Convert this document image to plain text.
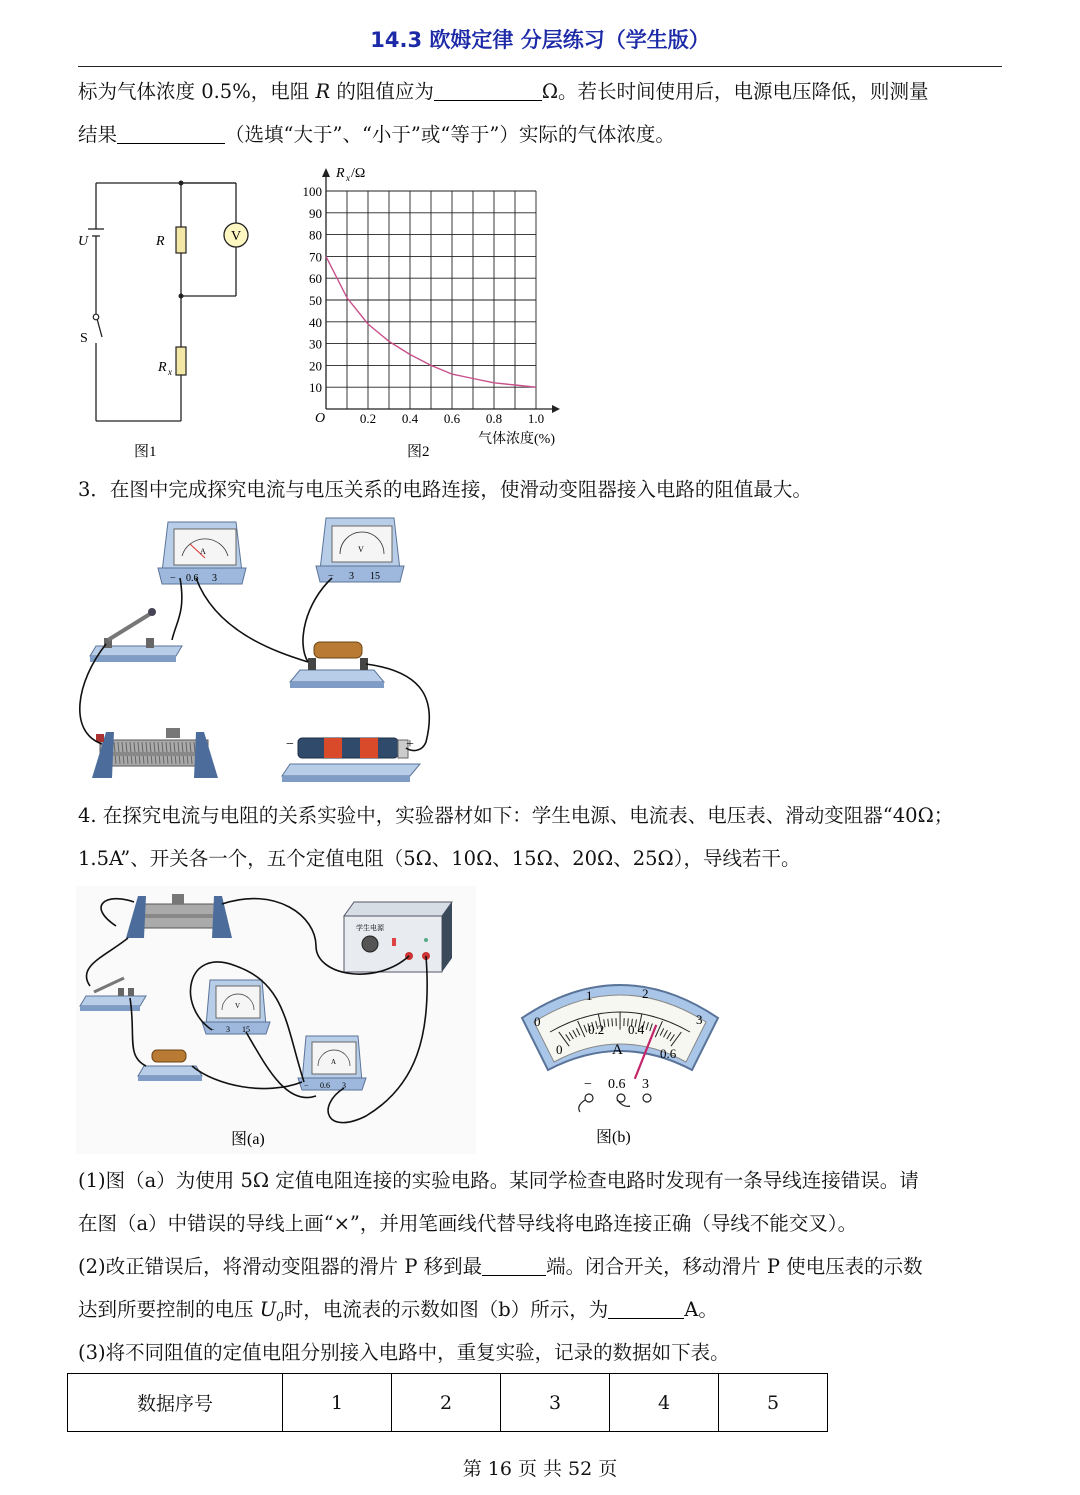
14.3 欧姆定律 分层练习（学生版）
标为气体浓度 0.5%，电阻 R 的阻值应为	Ω。若长时间使用后，电源电压降低，则测量
结果	（选填“大于”、“小于”或“等于”）实际的气体浓度。
V
U
S
R
R x
图1
10
20
30
40
50
60
70
80
90
100
0.2 0.4 0.6 0.8 1.0
R x /Ω
O
气体浓度(%)
图2
3．在图中完成探究电流与电压关系的电路连接，使滑动变阻器接入电路的阻值最大。
A
− 0.6 3
V
− 3 15
−	+
4. 在探究电流与电阻的关系实验中，实验器材如下：学生电源、电流表、电压表、滑动变阻器“40Ω；
1.5A”、开关各一个，五个定值电阻（5Ω、10Ω、15Ω、20Ω、25Ω），导线若干。
学生电源
V
− 3 15
A
− 0.6 3
图(a)
0
1	2
3
0
0.2 0.4
0.6
A
− 0.6 3
图(b)
(1)图（a）为使用 5Ω 定值电阻连接的实验电路。某同学检查电路时发现有一条导线连接错误。请
在图（a）中错误的导线上画“×”，并用笔画线代替导线将电路连接正确（导线不能交叉）。
(2)改正错误后，将滑动变阻器的滑片 P 移到最	端。闭合开关，移动滑片 P 使电压表的示数
达到所要控制的电压 $U_0$时，电流表的示数如图（b）所示，为	A。
(3)将不同阻值的定值电阻分别接入电路中，重复实验，记录的数据如下表。
数据序号	1	2	3	4	5
第 16 页 共 52 页
